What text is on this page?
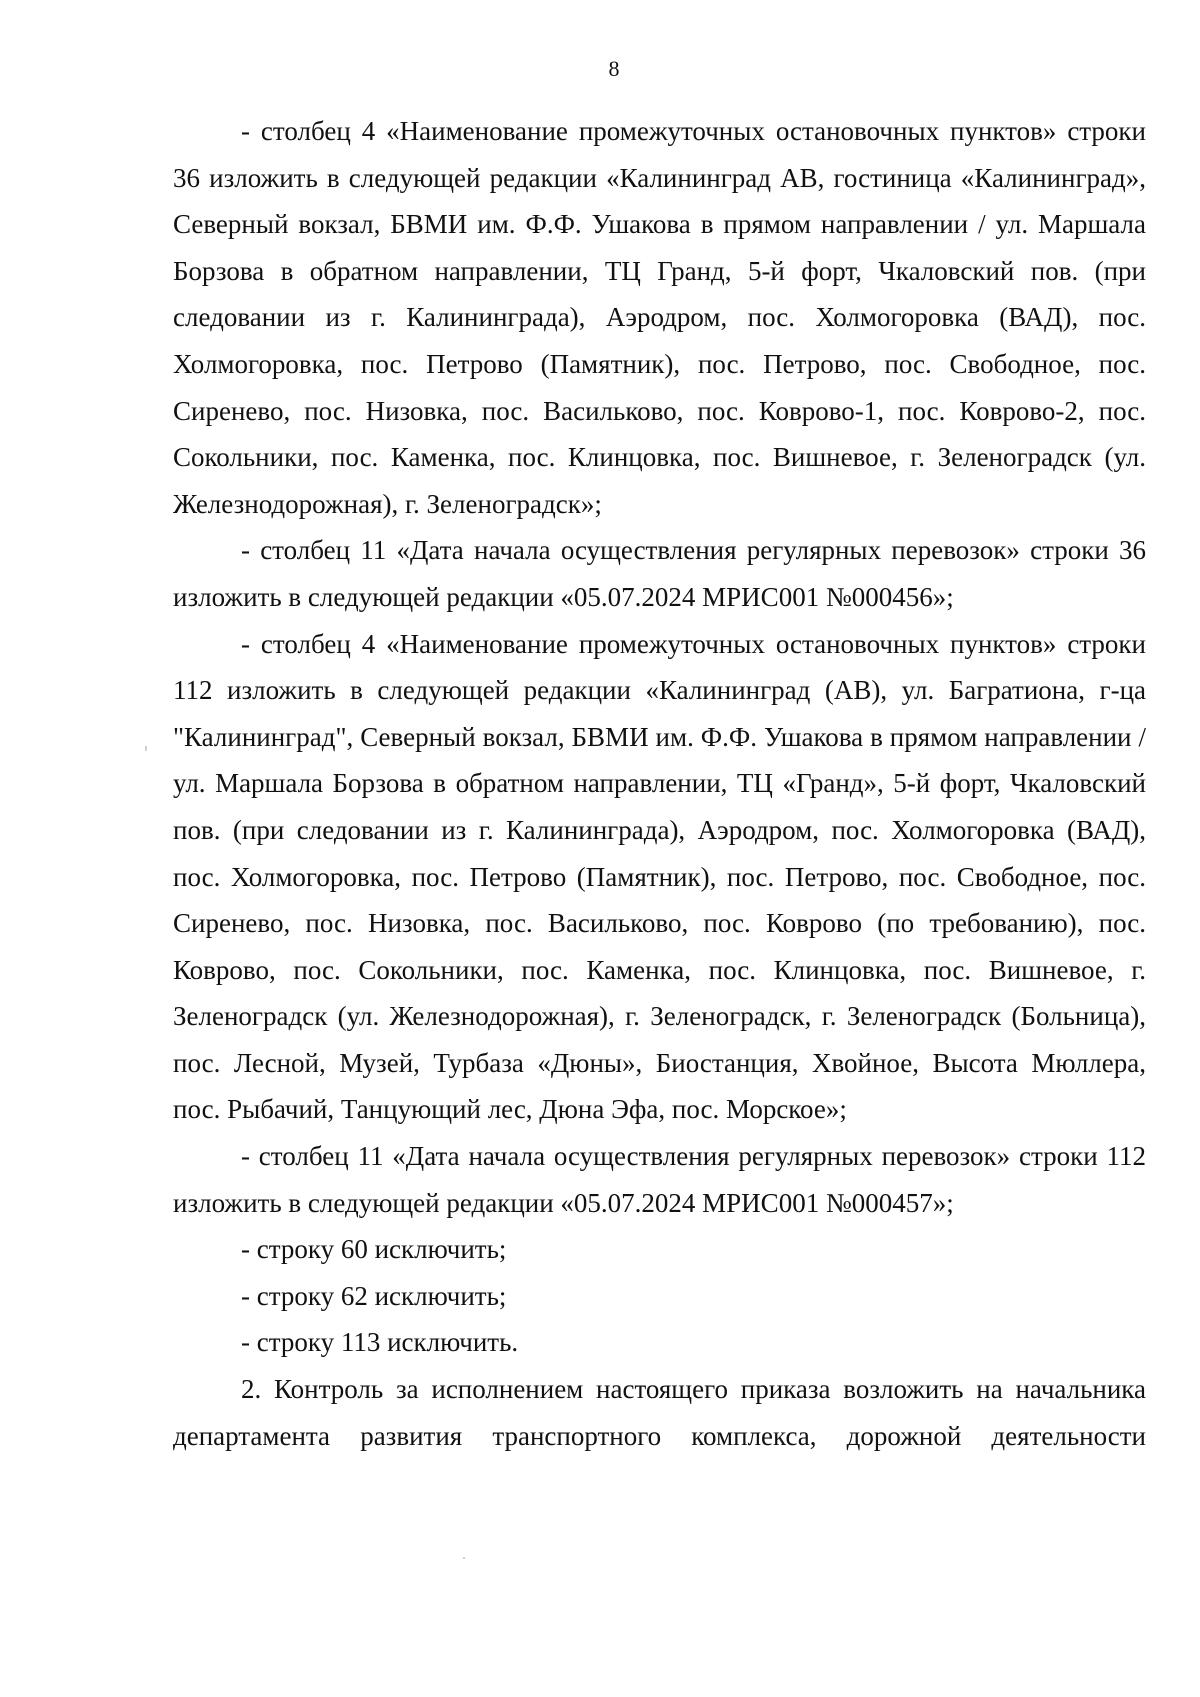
8

- столбец 4 «Наименование промежуточных остановочных пунктов» строки 36 изложить в следующей редакции «Калининград АВ, гостиница «Калининград», Северный вокзал, БВМИ им. Ф.Ф. Ушакова в прямом направлении / ул. Маршала Борзова в обратном направлении, ТЦ Гранд, 5-й форт, Чкаловский пов. (при следовании из г. Калининграда), Аэродром, пос. Холмогоровка (ВАД), пос. Холмогоровка, пос. Петрово (Памятник), пос. Петрово, пос. Свободное, пос. Сиренево, пос. Низовка, пос. Васильково, пос. Коврово-1, пос. Коврово-2, пос. Сокольники, пос. Каменка, пос. Клинцовка, пос. Вишневое, г. Зеленоградск (ул. Железнодорожная), г. Зеленоградск»;

- столбец 11 «Дата начала осуществления регулярных перевозок» строки 36 изложить в следующей редакции «05.07.2024 МРИС001 №000456»;

- столбец 4 «Наименование промежуточных остановочных пунктов» строки 112 изложить в следующей редакции «Калининград (АВ), ул. Багратиона, г-ца "Калининград", Северный вокзал, БВМИ им. Ф.Ф. Ушакова в прямом направлении / ул. Маршала Борзова в обратном направлении, ТЦ «Гранд», 5-й форт, Чкаловский пов. (при следовании из г. Калининграда), Аэродром, пос. Холмогоровка (ВАД), пос. Холмогоровка, пос. Петрово (Памятник), пос. Петрово, пос. Свободное, пос. Сиренево, пос. Низовка, пос. Васильково, пос. Коврово (по требованию), пос. Коврово, пос. Сокольники, пос. Каменка, пос. Клинцовка, пос. Вишневое, г. Зеленоградск (ул. Железнодорожная), г. Зеленоградск, г. Зеленоградск (Больница), пос. Лесной, Музей, Турбаза «Дюны», Биостанция, Хвойное, Высота Мюллера, пос. Рыбачий, Танцующий лес, Дюна Эфа, пос. Морское»;

- столбец 11 «Дата начала осуществления регулярных перевозок» строки 112 изложить в следующей редакции «05.07.2024 МРИС001 №000457»;

- строку 60 исключить;

- строку 62 исключить;

- строку 113 исключить.

2. Контроль за исполнением настоящего приказа возложить на начальника департамента развития транспортного комплекса, дорожной деятельности
